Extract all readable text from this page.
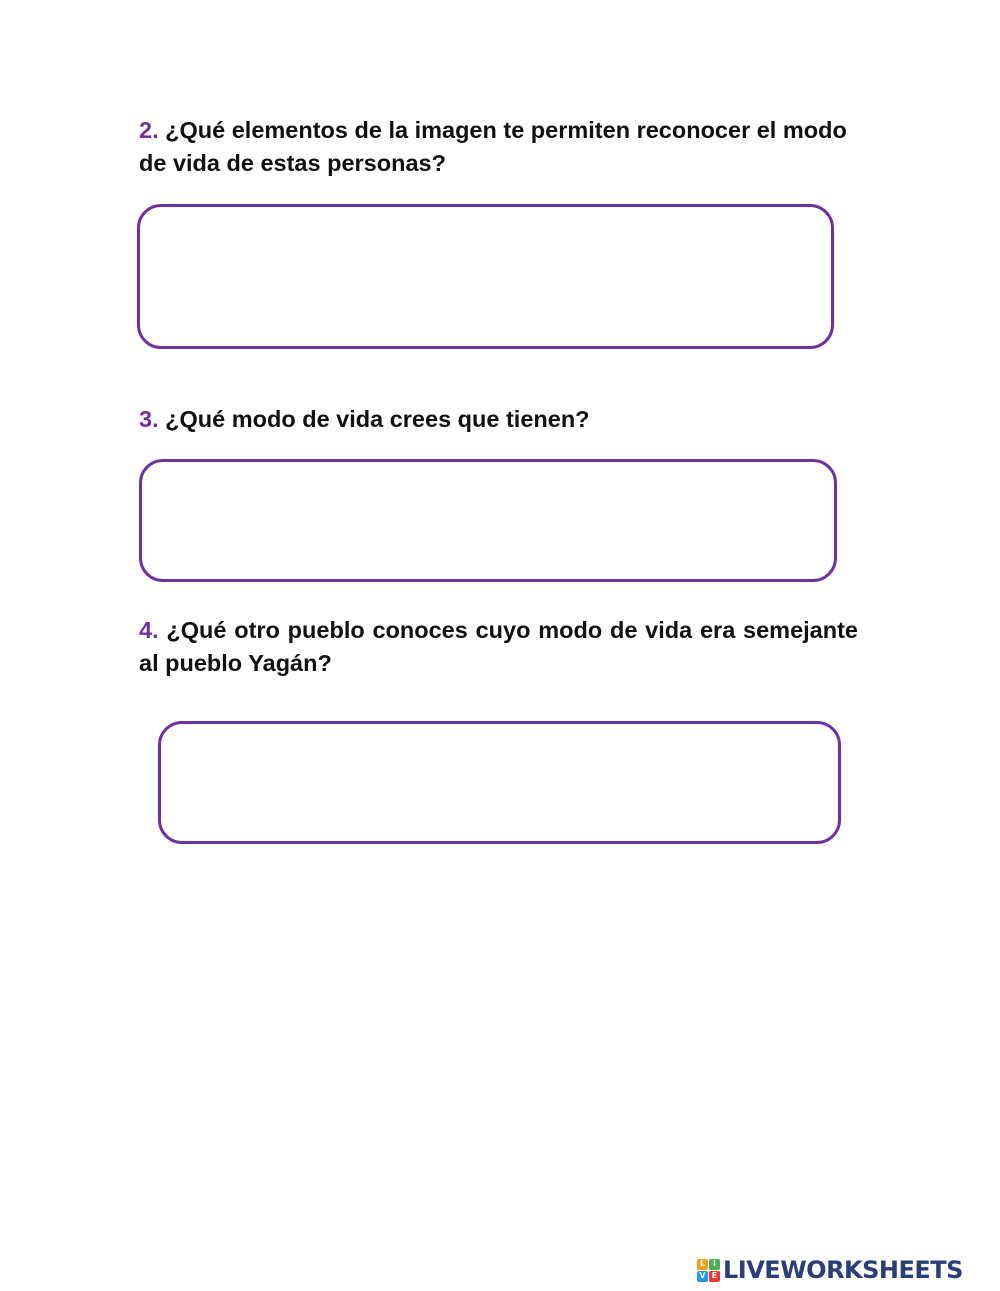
2. ¿Qué elementos de la imagen te permiten reconocer el modo de vida de estas personas?

3. ¿Qué modo de vida crees que tienen?

4. ¿Qué otro pueblo conoces cuyo modo de vida era semejante al pueblo Yagán?

L I
V E LIVEWORKSHEETS
